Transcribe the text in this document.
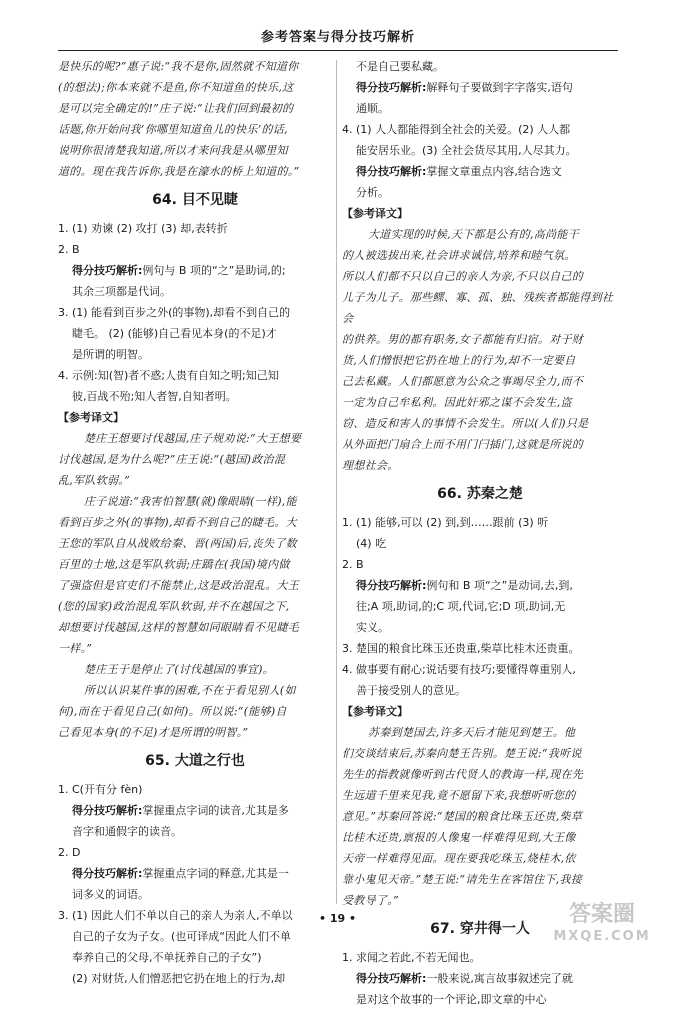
参考答案与得分技巧解析

是快乐的呢?”惠子说:“我不是你,固然就不知道你

(的想法);你本来就不是鱼,你不知道鱼的快乐,这

是可以完全确定的!”庄子说:“让我们回到最初的

话题,你开始问我‘你哪里知道鱼儿的快乐’的话,

说明你很清楚我知道,所以才来问我是从哪里知

道的。现在我告诉你,我是在濠水的桥上知道的。”

64. 目不见睫

1. (1) 劝谏 (2) 攻打 (3) 却,表转折

2. B

得分技巧解析:例句与 B 项的“之”是助词,的;

其余三项都是代词。

3. (1) 能看到百步之外(的事物),却看不到自己的

睫毛。 (2) (能够)自己看见本身(的不足)才

是所谓的明智。

4. 示例:知(智)者不惑;人贵有自知之明;知己知

彼,百战不殆;知人者智,自知者明。

【参考译文】

楚庄王想要讨伐越国,庄子规劝说:“大王想要

讨伐越国,是为什么呢?”庄王说:“(越国)政治混

乱,军队软弱。”

庄子说道:“我害怕智慧(就)像眼睛(一样),能

看到百步之外(的事物),却看不到自己的睫毛。大

王您的军队自从战败给秦、晋(两国)后,丧失了数

百里的土地,这是军队软弱;庄蹻在(我国)境内做

了强盗但是官吏们不能禁止,这是政治混乱。大王

(您的国家)政治混乱军队软弱,并不在越国之下,

却想要讨伐越国,这样的智慧如同眼睛看不见睫毛

一样。”

楚庄王于是停止了(讨伐越国的事宜)。

所以认识某件事的困难,不在于看见别人(如

何),而在于看见自己(如何)。所以说:“(能够)自

己看见本身(的不足)才是所谓的明智。”

65. 大道之行也

1. C(开有分 fèn)

得分技巧解析:掌握重点字词的读音,尤其是多

音字和通假字的读音。

2. D

得分技巧解析:掌握重点字词的释意,尤其是一

词多义的词语。

3. (1) 因此人们不单以自己的亲人为亲人,不单以

自己的子女为子女。(也可译成“因此人们不单

奉养自己的父母,不单抚养自己的子女”)

(2) 对财货,人们憎恶把它扔在地上的行为,却

不是自己要私藏。

得分技巧解析:解释句子要做到字字落实,语句

通顺。

4. (1) 人人都能得到全社会的关爱。(2) 人人都

能安居乐业。(3) 全社会货尽其用,人尽其力。

得分技巧解析:掌握文章重点内容,结合选文

分析。

【参考译文】

大道实现的时候,天下都是公有的,高尚能干

的人被选拔出来,社会讲求诚信,培养和睦气氛。

所以人们都不只以自己的亲人为亲,不只以自己的

儿子为儿子。那些鳏、寡、孤、独、残疾者都能得到社会

的供养。男的都有职务,女子都能有归宿。对于财

货,人们憎恨把它扔在地上的行为,却不一定要自

己去私藏。人们都愿意为公众之事竭尽全力,而不

一定为自己牟私利。因此奸邪之谋不会发生,盗

窃、造反和害人的事情不会发生。所以(人们)只是

从外面把门扇合上而不用门闩插门,这就是所说的

理想社会。

66. 苏秦之楚

1. (1) 能够,可以 (2) 到,到……跟前 (3) 听

(4) 吃

2. B

得分技巧解析:例句和 B 项“之”是动词,去,到,

往;A 项,助词,的;C 项,代词,它;D 项,助词,无

实义。

3. 楚国的粮食比珠玉还贵重,柴草比桂木还贵重。

4. 做事要有耐心;说话要有技巧;要懂得尊重别人,

善于接受别人的意见。

【参考译文】

苏秦到楚国去,许多天后才能见到楚王。他

们交谈结束后,苏秦向楚王告别。楚王说:“我听说

先生的指教就像听到古代贤人的教诲一样,现在先

生远道千里来见我,竟不愿留下来,我想听听您的

意见。”苏秦回答说:“楚国的粮食比珠玉还贵,柴草

比桂木还贵,禀报的人像鬼一样难得见到,大王像

天帝一样难得见面。现在要我吃珠玉,烧桂木,依

靠小鬼见天帝。”楚王说:“请先生在客馆住下,我接

受教导了。”

67. 穿井得一人

1. 求闻之若此,不若无闻也。

得分技巧解析:一般来说,寓言故事叙述完了就

是对这个故事的一个评论,即文章的中心

• 19 •	答案圈
MXQE.COM
